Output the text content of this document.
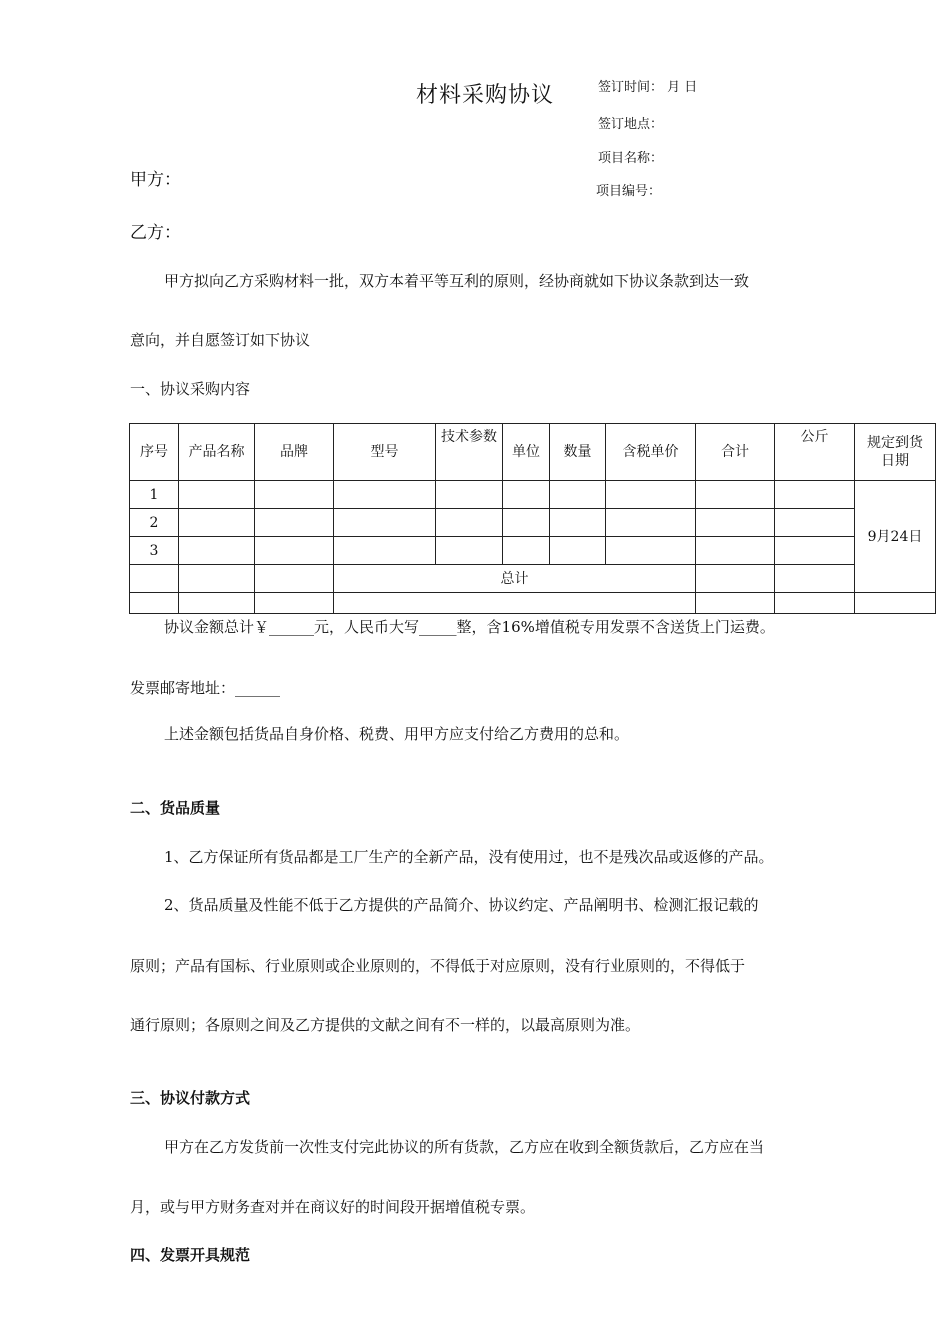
材料采购协议	签订时间： 月 日
签订地点：
项目名称：
项目编号：
甲方：
乙方：
甲方拟向乙方采购材料一批，双方本着平等互利的原则，经协商就如下协议条款到达一致
意向，并自愿签订如下协议
一、协议采购内容
序号	产品名称	品牌	型号	技术参数	单位	数量	含税单价	合计	公斤	规定到货日期
1										9月24日
2										
3										
			总计							

协议金额总计￥______元，人民币大写_____整，含16%增值税专用发票不含送货上门运费。
发票邮寄地址：______
上述金额包括货品自身价格、税费、用甲方应支付给乙方费用的总和。
二、货品质量
1、乙方保证所有货品都是工厂生产的全新产品，没有使用过，也不是残次品或返修的产品。
2、货品质量及性能不低于乙方提供的产品简介、协议约定、产品阐明书、检测汇报记载的
原则；产品有国标、行业原则或企业原则的，不得低于对应原则，没有行业原则的，不得低于
通行原则；各原则之间及乙方提供的文献之间有不一样的，以最高原则为准。
三、协议付款方式
甲方在乙方发货前一次性支付完此协议的所有货款，乙方应在收到全额货款后，乙方应在当
月，或与甲方财务查对并在商议好的时间段开据增值税专票。
四、发票开具规范
